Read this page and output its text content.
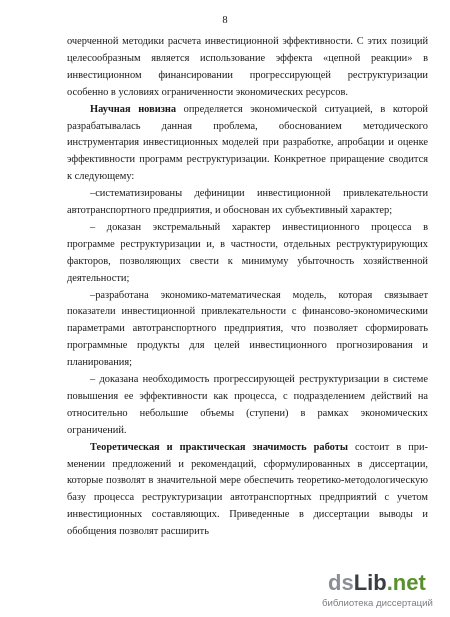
8
очерченной методики расчета инвестиционной эффективности. С этих позиций
целесообразным является использование эффекта «цепной реакции» в
инвестиционном финансировании прогрессирующей реструктуризации
особенно в условиях ограниченности экономических ресурсов.
Научная новизна определяется экономической ситуацией, в которой
разрабатывалась данная проблема, обоснованием методического
инструментария инвестиционных моделей при разработке, апробации и оценке
эффективности программ реструктуризации. Конкретное приращение сводится
к следующему:
–систематизированы дефиниции инвестиционной привлекательности
автотранспортного предприятия, и обоснован их субъективный характер;
– доказан экстремальный характер инвестиционного процесса в
программе реструктуризации и, в частности, отдельных реструктурирующих
факторов, позволяющих свести к минимуму убыточность хозяйственной
деятельности;
–разработана экономико-математическая модель, которая связывает
показатели инвестиционной привлекательности с финансово-экономическими
параметрами автотранспортного предприятия, что позволяет сформировать
программные продукты для целей инвестиционного прогнозирования и
планирования;
– доказана необходимость прогрессирующей реструктуризации в системе
повышения ее эффективности как процесса, с подразделением действий на
относительно небольшие объемы (ступени) в рамках экономических
ограничений.
Теоретическая и практическая значимость работы состоит в при-
менении предложений и рекомендаций, сформулированных в диссертации,
которые позволят в значительной мере обеспечить теоретико-методологическую
базу процесса реструктуризации автотранспортных предприятий с учетом
инвестиционных составляющих. Приведенные в диссертации выводы и
обобщения позволят расширить
dsLib.net
библиотека диссертаций
